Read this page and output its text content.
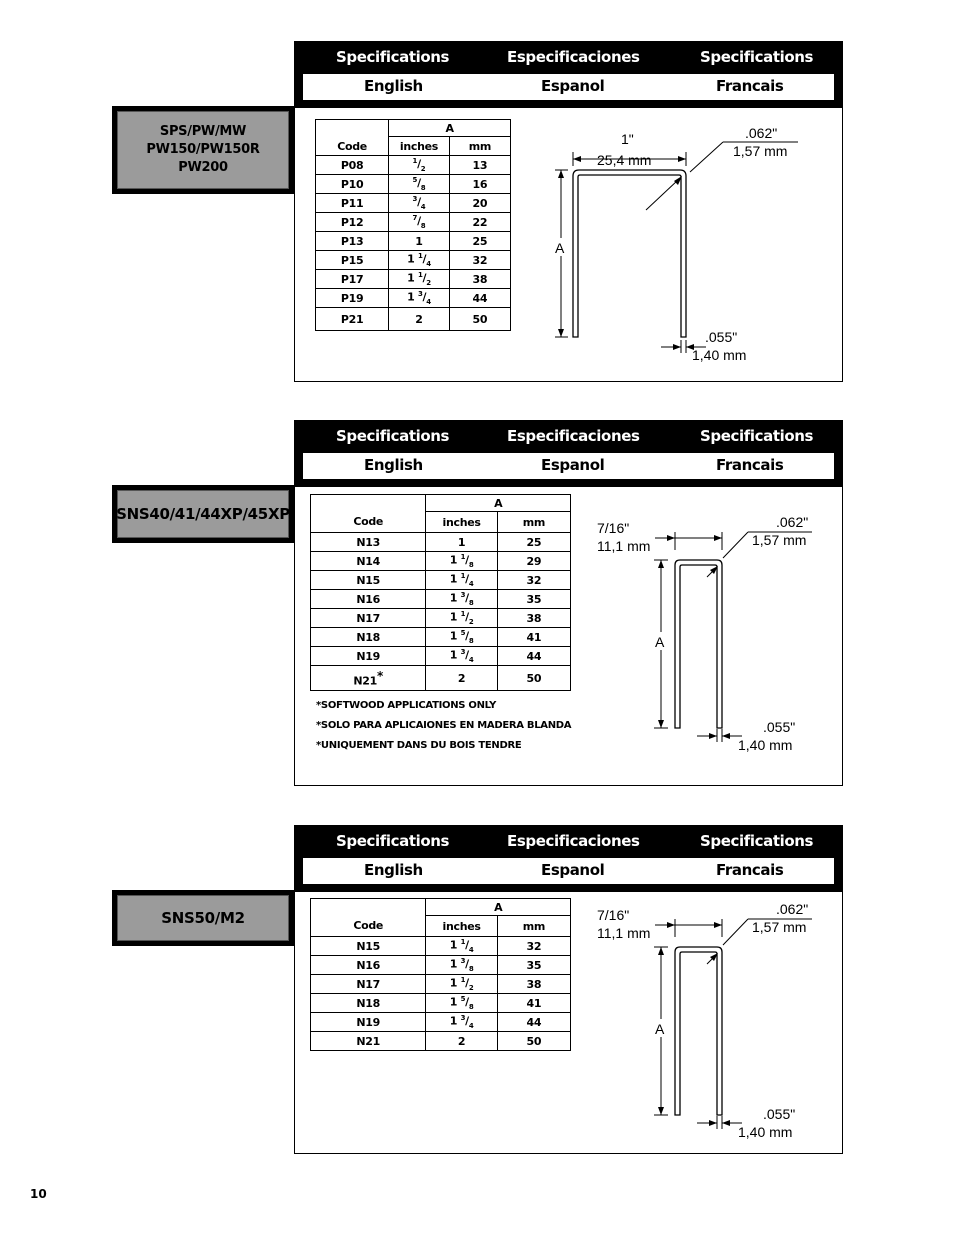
Specifications	Especificaciones	Specifications
English	Espanol	Francais
SPS/PW/MW
PW150/PW150R
PW200
Code	A	
	inches	mm
P08	$^1/_2$	13
P10	$^5/_8$	16
P11	$^3/_4$	20
P12	$^7/_8$	22
P13	1	25
P15	1 $^1/_4$	32
P17	1 $^1/_2$	38
P19	1 $^3/_4$	44
P21	2	50
1"
25,4 mm
.062"
1,57 mm
A
.055"
1,40 mm
Specifications	Especificaciones	Specifications
English	Espanol	Francais
SNS40/41/44XP/45XP	Code	A	
	inches	mm
N13	1	25
N14	1 $^1/_8$	29
N15	1 $^1/_4$	32
N16	1 $^3/_8$	35
N17	1 $^1/_2$	38
N18	1 $^5/_8$	41
N19	1 $^3/_4$	44
N21*	2	50
*SOFTWOOD APPLICATIONS ONLY
*SOLO PARA APLICAIONES EN MADERA BLANDA
*UNIQUEMENT DANS DU BOIS TENDRE
7/16"
11,1 mm
.062"
1,57 mm
A
.055"
1,40 mm
Specifications	Especificaciones	Specifications
English	Espanol	Francais
SNS50/M2	Code	A	
	inches	mm
N15	1 $^1/_4$	32
N16	1 $^3/_8$	35
N17	1 $^1/_2$	38
N18	1 $^5/_8$	41
N19	1 $^3/_4$	44
N21	2	50
7/16"
11,1 mm
.062"
1,57 mm
A
.055"
1,40 mm
10
